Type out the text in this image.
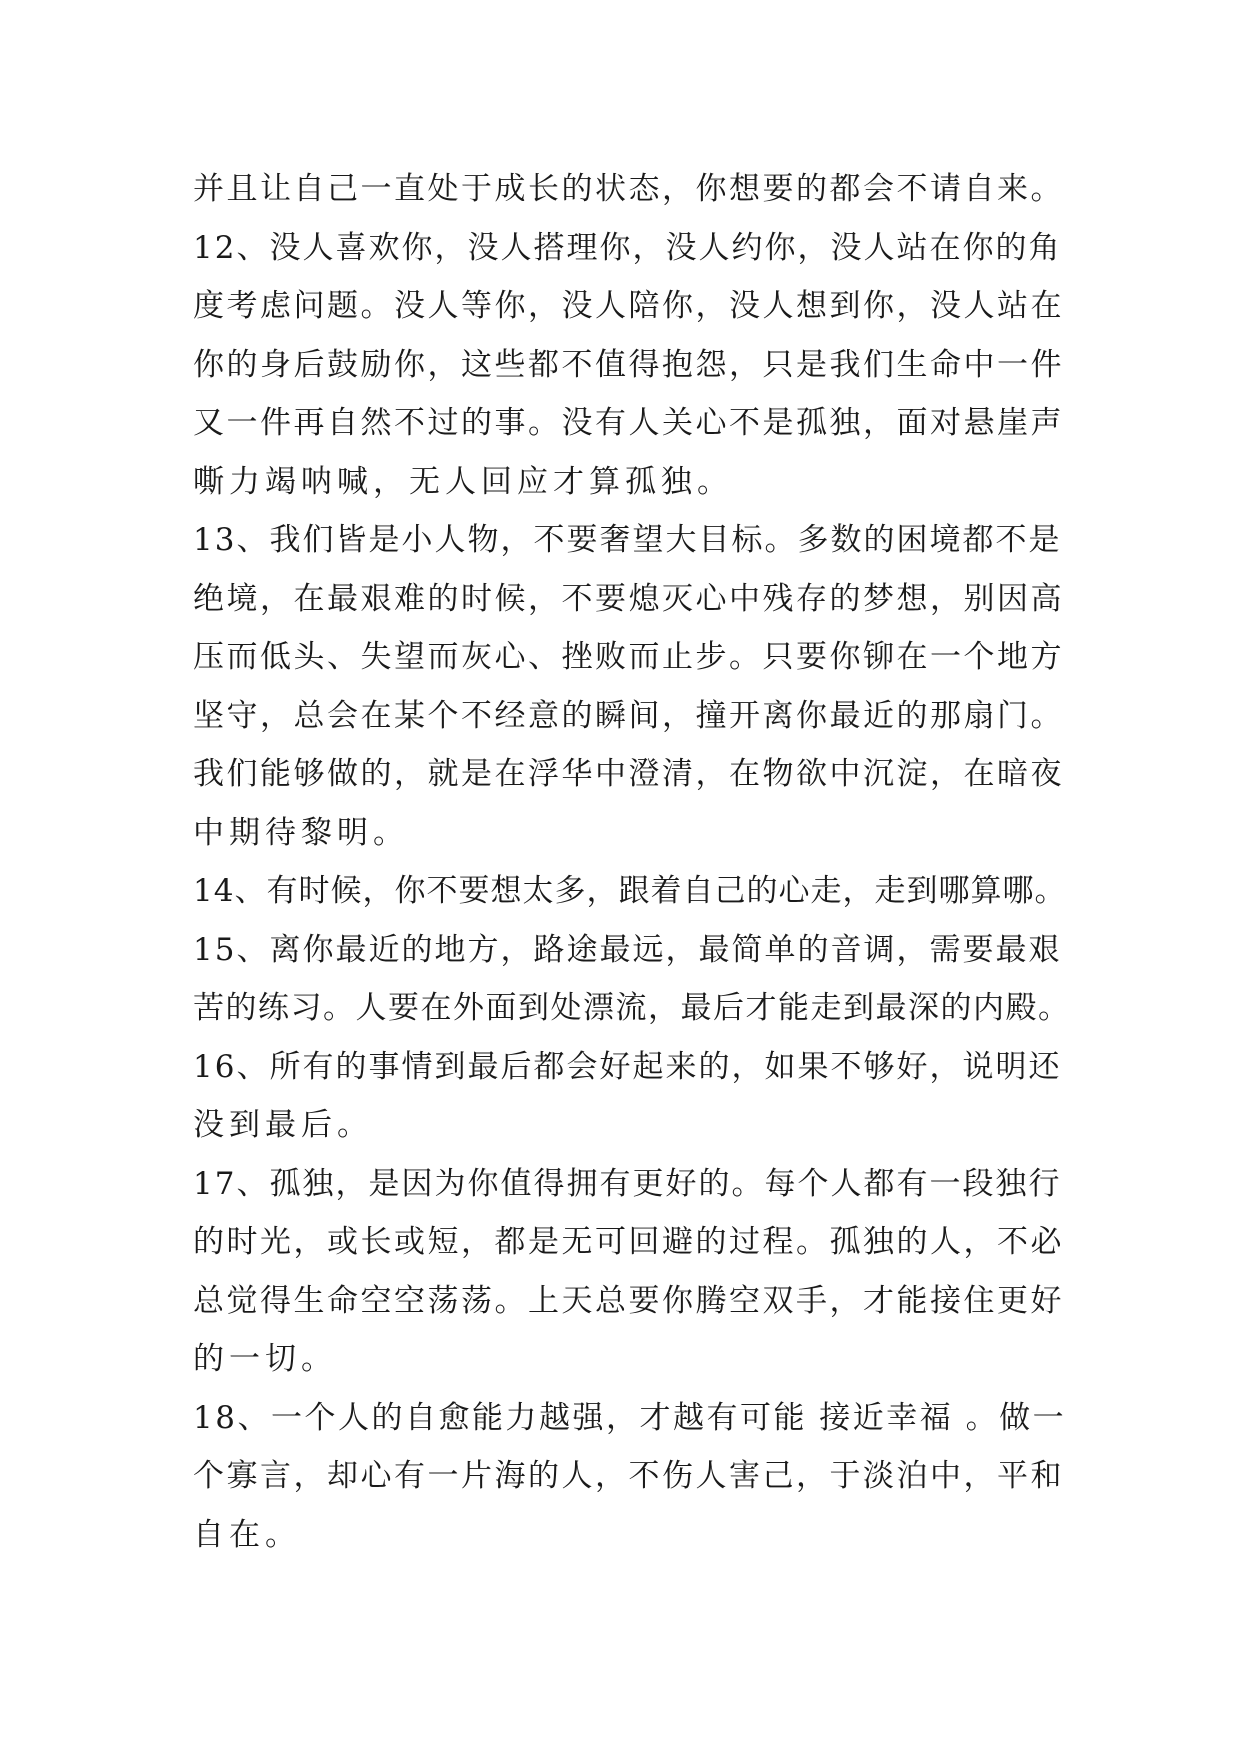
并且让自己一直处于成长的状态，你想要的都会不请自来。
12、没人喜欢你，没人搭理你，没人约你，没人站在你的角
度考虑问题。没人等你，没人陪你，没人想到你，没人站在
你的身后鼓励你，这些都不值得抱怨，只是我们生命中一件
又一件再自然不过的事。没有人关心不是孤独，面对悬崖声
嘶力竭呐喊，无人回应才算孤独。
13、我们皆是小人物，不要奢望大目标。多数的困境都不是
绝境，在最艰难的时候，不要熄灭心中残存的梦想，别因高
压而低头、失望而灰心、挫败而止步。只要你铆在一个地方
坚守，总会在某个不经意的瞬间，撞开离你最近的那扇门。
我们能够做的，就是在浮华中澄清，在物欲中沉淀，在暗夜
中期待黎明。
14、有时候，你不要想太多，跟着自己的心走，走到哪算哪。
15、离你最近的地方，路途最远，最简单的音调，需要最艰
苦的练习。人要在外面到处漂流，最后才能走到最深的内殿。
16、所有的事情到最后都会好起来的，如果不够好，说明还
没到最后。
17、孤独，是因为你值得拥有更好的。每个人都有一段独行
的时光，或长或短，都是无可回避的过程。孤独的人，不必
总觉得生命空空荡荡。上天总要你腾空双手，才能接住更好
的一切。
18、一个人的自愈能力越强，才越有可能 接近幸福 。做一
个寡言，却心有一片海的人，不伤人害己，于淡泊中，平和
自在。
